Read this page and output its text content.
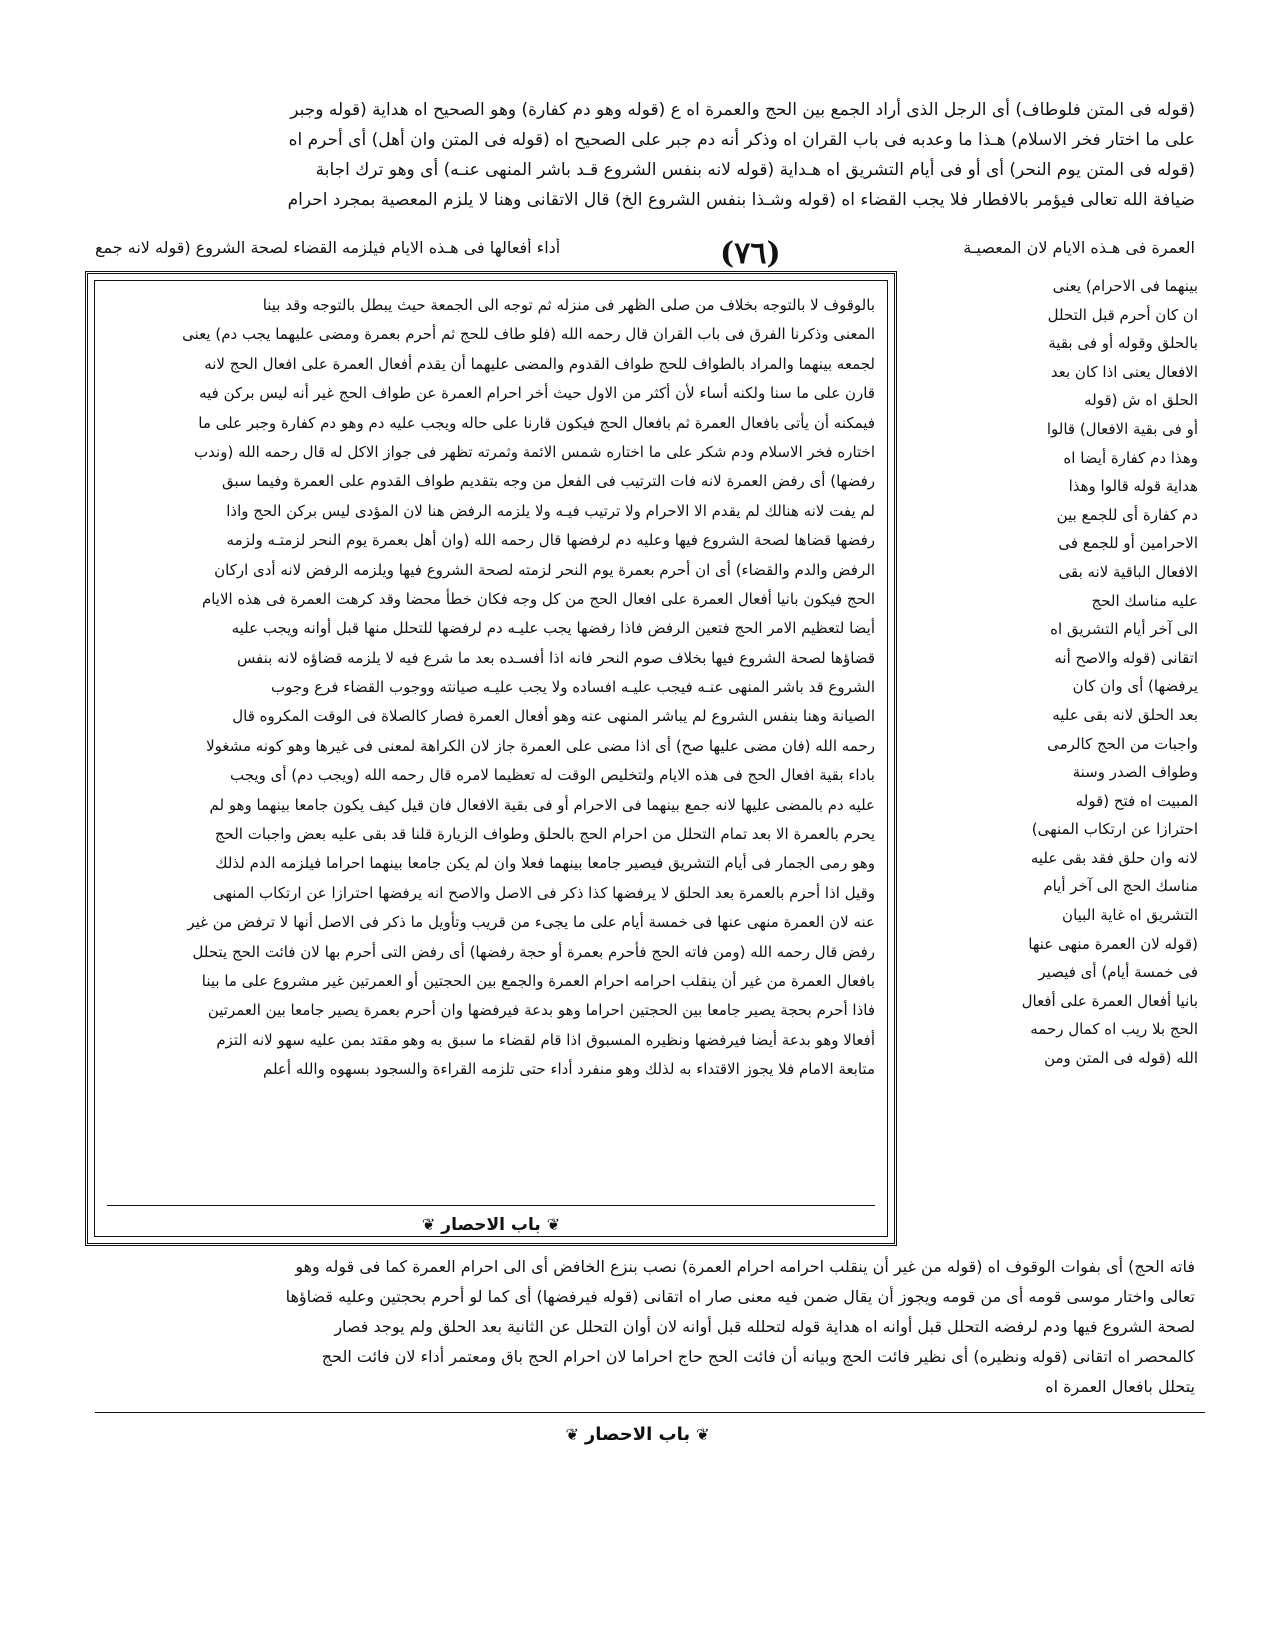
(قوله فى المتن فلوطاف) أى الرجل الذى أراد الجمع بين الحج والعمرة اه ع (قوله وهو دم كفارة) وهو الصحيح اه هداية (قوله وجبر
على ما اختار فخر الاسلام) هـذا ما وعدبه فى باب القران اه وذكر أنه دم جبر على الصحيح اه (قوله فى المتن وان أهل) أى أحرم اه
(قوله فى المتن يوم النحر) أى أو فى أيام التشريق اه هـداية (قوله لانه بنفس الشروع قـد باشر المنهى عنـه) أى وهو ترك اجابة
ضيافة الله تعالى فيؤمر بالافطار فلا يجب القضاء اه (قوله وشـذا بنفس الشروع الخ) قال الاتقانى وهنا لا يلزم المعصية بمجرد احرام
أداء أفعالها فى هـذه الايام فيلزمه القضاء لصحة الشروع (قوله لانه جمع	(٧٦)	العمرة فى هـذه الايام لان المعصيـة
بالوقوف لا بالتوجه بخلاف من صلى الظهر فى منزله ثم توجه الى الجمعة حيث يبطل بالتوجه وقد بينا
المعنى وذكرنا الفرق فى باب القران قال رحمه الله (فلو طاف للحج ثم أحرم بعمرة ومضى عليهما يجب دم) يعنى
لجمعه بينهما والمراد بالطواف للحج طواف القدوم والمضى عليهما أن يقدم أفعال العمرة على افعال الحج لانه
قارن على ما سنا ولكنه أساء لأن أكثر من الاول حيث أخر احرام العمرة عن طواف الحج غير أنه ليس بركن فيه
فيمكنه أن يأتى بافعال العمرة ثم بافعال الحج فيكون قارنا على حاله ويجب عليه دم وهو دم كفارة وجبر على ما
اختاره فخر الاسلام ودم شكر على ما اختاره شمس الائمة وثمرته تظهر فى جواز الاكل له قال رحمه الله (وندب
رفضها) أى رفض العمرة لانه فات الترتيب فى الفعل من وجه بتقديم طواف القدوم على العمرة وفيما سبق
لم يفت لانه هنالك لم يقدم الا الاحرام ولا ترتيب فيـه ولا يلزمه الرفض هنا لان المؤدى ليس بركن الحج واذا
رفضها قضاها لصحة الشروع فيها وعليه دم لرفضها قال رحمه الله (وان أهل بعمرة يوم النحر لزمتـه ولزمه
الرفض والدم والقضاء) أى ان أحرم بعمرة يوم النحر لزمته لصحة الشروع فيها ويلزمه الرفض لانه أدى اركان
الحج فيكون بانيا أفعال العمرة على افعال الحج من كل وجه فكان خطأ محضا وقد كرهت العمرة فى هذه الايام
أيضا لتعظيم الامر الحج فتعين الرفض فاذا رفضها يجب عليـه دم لرفضها للتحلل منها قبل أوانه ويجب عليه
قضاؤها لصحة الشروع فيها بخلاف صوم النحر فانه اذا أفسـده بعد ما شرع فيه لا يلزمه قضاؤه لانه بنفس
الشروع قد باشر المنهى عنـه فيجب عليـه افساده ولا يجب عليـه صيانته ووجوب القضاء فرع وجوب
الصيانة وهنا بنفس الشروع لم يباشر المنهى عنه وهو أفعال العمرة فصار كالصلاة فى الوقت المكروه قال
رحمه الله (فان مضى عليها صح) أى اذا مضى على العمرة جاز لان الكراهة لمعنى فى غيرها وهو كونه مشغولا
باداء بقية افعال الحج فى هذه الايام ولتخليص الوقت له تعظيما لامره قال رحمه الله (ويجب دم) أى ويجب
عليه دم بالمضى عليها لانه جمع بينهما فى الاحرام أو فى بقية الافعال فان قيل كيف يكون جامعا بينهما وهو لم
يحرم بالعمرة الا بعد تمام التحلل من احرام الحج بالحلق وطواف الزيارة قلنا قد بقى عليه بعض واجبات الحج
وهو رمى الجمار فى أيام التشريق فيصير جامعا بينهما فعلا وان لم يكن جامعا بينهما احراما فيلزمه الدم لذلك
وقيل اذا أحرم بالعمرة بعد الحلق لا يرفضها كذا ذكر فى الاصل والاصح انه يرفضها احترازا عن ارتكاب المنهى
عنه لان العمرة منهى عنها فى خمسة أيام على ما يجىء من قريب وتأويل ما ذكر فى الاصل أنها لا ترفض من غير
رفض قال رحمه الله (ومن فاته الحج فأحرم بعمرة أو حجة رفضها) أى رفض التى أحرم بها لان فائت الحج يتحلل
بافعال العمرة من غير أن ينقلب احرامه احرام العمرة والجمع بين الحجتين أو العمرتين غير مشروع على ما بينا
فاذا أحرم بحجة يصير جامعا بين الحجتين احراما وهو بدعة فيرفضها وان أحرم بعمرة يصير جامعا بين العمرتين
أفعالا وهو بدعة أيضا فيرفضها ونظيره المسبوق اذا قام لقضاء ما سبق به وهو مقتد بمن عليه سهو لانه التزم
متابعة الامام فلا يجوز الاقتداء به لذلك وهو منفرد أداء حتى تلزمه القراءة والسجود بسهوه والله أعلم
❦ باب الاحصار ❦
بينهما فى الاحرام) يعنى
ان كان أحرم قبل التحلل
بالحلق وقوله أو فى بقية
الافعال يعنى اذا كان بعد
الحلق اه ش (قوله
أو فى بقية الافعال) قالوا
وهذا دم كفارة أيضا اه
هداية قوله قالوا وهذا
دم كفارة أى للجمع بين
الاحرامين أو للجمع فى
الافعال الباقية لانه بقى
عليه مناسك الحج
الى آخر أيام التشريق اه
اتقانى (قوله والاصح أنه
يرفضها) أى وان كان
بعد الحلق لانه بقى عليه
واجبات من الحج كالرمى
وطواف الصدر وسنة
المبيت اه فتح (قوله
احترازا عن ارتكاب المنهى)
لانه وان حلق فقد بقى عليه
مناسك الحج الى آخر أيام
التشريق اه غاية البيان
(قوله لان العمرة منهى عنها
فى خمسة أيام) أى فيصير
بانيا أفعال العمرة على أفعال
الحج بلا ريب اه كمال رحمه
الله (قوله فى المتن ومن
فاته الحج) أى بفوات الوقوف اه (قوله من غير أن ينقلب احرامه احرام العمرة) نصب بنزع الخافض أى الى احرام العمرة كما فى قوله وهو
تعالى واختار موسى قومه أى من قومه ويجوز أن يقال ضمن فيه معنى صار اه اتقانى (قوله فيرفضها) أى كما لو أحرم بحجتين وعليه قضاؤها
لصحة الشروع فيها ودم لرفضه التحلل قبل أوانه اه هداية قوله لتحلله قبل أوانه لان أوان التحلل عن الثانية بعد الحلق ولم يوجد فصار
كالمحصر اه اتقانى (قوله ونظيره) أى نظير فائت الحج وبيانه أن فائت الحج حاج احراما لان احرام الحج باق ومعتمر أداء لان فائت الحج
يتحلل بافعال العمرة اه
❦ باب الاحصار ❦
